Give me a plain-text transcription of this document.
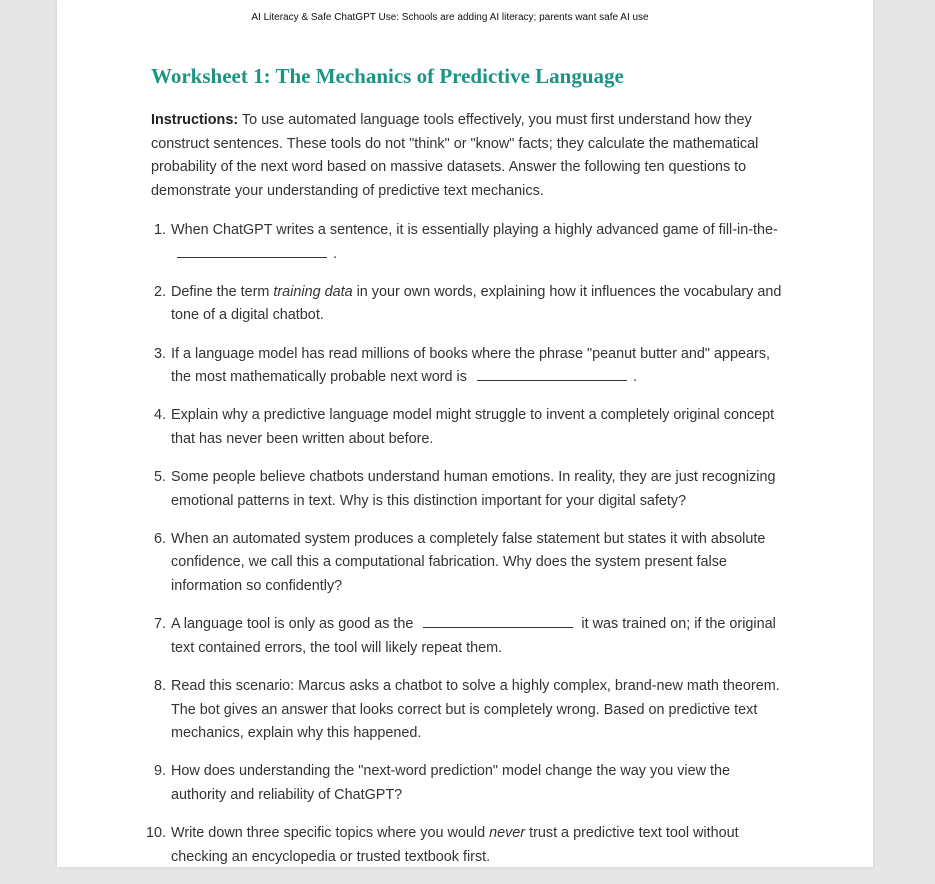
AI Literacy & Safe ChatGPT Use: Schools are adding AI literacy; parents want safe AI use
Worksheet 1: The Mechanics of Predictive Language

Instructions: To use automated language tools effectively, you must first understand how they construct sentences. These tools do not "think" or "know" facts; they calculate the mathematical probability of the next word based on massive datasets. Answer the following ten questions to demonstrate your understanding of predictive text mechanics.

1. When ChatGPT writes a sentence, it is essentially playing a highly advanced game of fill-in-the- .
2. Define the term training data in your own words, explaining how it influences the vocabulary and tone of a digital chatbot.
3. If a language model has read millions of books where the phrase "peanut butter and" appears, the most mathematically probable next word is	.
4. Explain why a predictive language model might struggle to invent a completely original concept that has never been written about before.
5. Some people believe chatbots understand human emotions. In reality, they are just recognizing emotional patterns in text. Why is this distinction important for your digital safety?
6. When an automated system produces a completely false statement but states it with absolute confidence, we call this a computational fabrication. Why does the system present false information so confidently?
7. A language tool is only as good as the	it was trained on; if the original text contained errors, the tool will likely repeat them.
8. Read this scenario: Marcus asks a chatbot to solve a highly complex, brand-new math theorem. The bot gives an answer that looks correct but is completely wrong. Based on predictive text mechanics, explain why this happened.
9. How does understanding the "next-word prediction" model change the way you view the authority and reliability of ChatGPT?
10. Write down three specific topics where you would never trust a predictive text tool without checking an encyclopedia or trusted textbook first.
